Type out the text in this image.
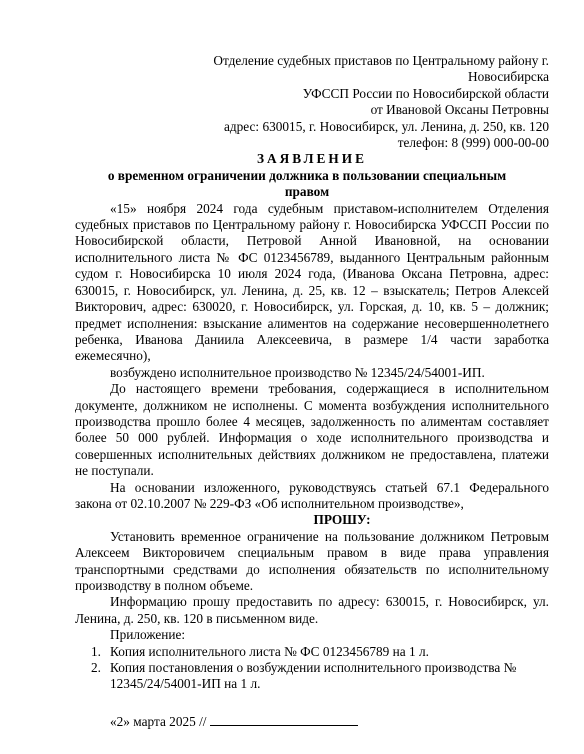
Отделение судебных приставов по Центральному району г.
Новосибирска
УФССП России по Новосибирской области
от Ивановой Оксаны Петровны
адрес: 630015, г. Новосибирск, ул. Ленина, д. 250, кв. 120
телефон: 8 (999) 000-00-00
ЗАЯВЛЕНИЕ
о временном ограничении должника в пользовании специальным правом
«15» ноября 2024 года судебным приставом-исполнителем Отделения судебных приставов по Центральному району г. Новосибирска УФССП России по Новосибирской области, Петровой Анной Ивановной, на основании исполнительного листа № ФС 0123456789, выданного Центральным районным судом г. Новосибирска 10 июля 2024 года, (Иванова Оксана Петровна, адрес: 630015, г. Новосибирск, ул. Ленина, д. 25, кв. 12 – взыскатель; Петров Алексей Викторович, адрес: 630020, г. Новосибирск, ул. Горская, д. 10, кв. 5 – должник; предмет исполнения: взыскание алиментов на содержание несовершеннолетнего ребенка, Иванова Даниила Алексеевича, в размере 1/4 части заработка ежемесячно),
возбуждено исполнительное производство № 12345/24/54001-ИП.
До настоящего времени требования, содержащиеся в исполнительном документе, должником не исполнены. С момента возбуждения исполнительного производства прошло более 4 месяцев, задолженность по алиментам составляет более 50 000 рублей. Информация о ходе исполнительного производства и совершенных исполнительных действиях должником не предоставлена, платежи не поступали.
На основании изложенного, руководствуясь статьей 67.1 Федерального закона от 02.10.2007 № 229-ФЗ «Об исполнительном производстве»,
ПРОШУ:
Установить временное ограничение на пользование должником Петровым Алексеем Викторовичем специальным правом в виде права управления транспортными средствами до исполнения обязательств по исполнительному производству в полном объеме.
Информацию прошу предоставить по адресу: 630015, г. Новосибирск, ул. Ленина, д. 250, кв. 120 в письменном виде.
Приложение:
1. Копия исполнительного листа № ФС 0123456789 на 1 л.
2. Копия постановления о возбуждении исполнительного производства № 12345/24/54001-ИП на 1 л.
«2» марта 2025 //
